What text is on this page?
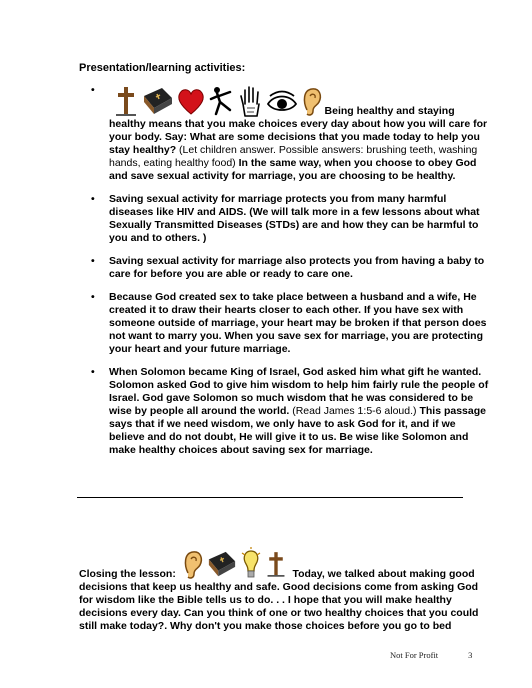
Presentation/learning activities:
• Being healthy and staying healthy means that you make choices every day about how you will care for your body. Say: What are some decisions that you made today to help you stay healthy? (Let children answer. Possible answers: brushing teeth, washing hands, eating healthy food) In the same way, when you choose to obey God and save sexual activity for marriage, you are choosing to be healthy.
• Saving sexual activity for marriage protects you from many harmful diseases like HIV and AIDS. (We will talk more in a few lessons about what Sexually Transmitted Diseases (STDs) are and how they can be harmful to you and to others. )
• Saving sexual activity for marriage also protects you from having a baby to care for before you are able or ready to care one.
• Because God created sex to take place between a husband and a wife, He created it to draw their hearts closer to each other. If you have sex with someone outside of marriage, your heart may be broken if that person does not want to marry you. When you save sex for marriage, you are protecting your heart and your future marriage.
• When Solomon became King of Israel, God asked him what gift he wanted. Solomon asked God to give him wisdom to help him fairly rule the people of Israel. God gave Solomon so much wisdom that he was considered to be wise by people all around the world. (Read James 1:5-6 aloud.) This passage says that if we need wisdom, we only have to ask God for it, and if we believe and do not doubt, He will give it to us. Be wise like Solomon and make healthy choices about saving sex for marriage.
Closing the lesson:	Today, we talked about making good decisions that keep us healthy and safe. Good decisions come from asking God for wisdom like the Bible tells us to do. . . I hope that you will make healthy decisions every day. Can you think of one or two healthy choices that you could still make today?. Why don't you make those choices before you go to bed
Not For Profit	3
